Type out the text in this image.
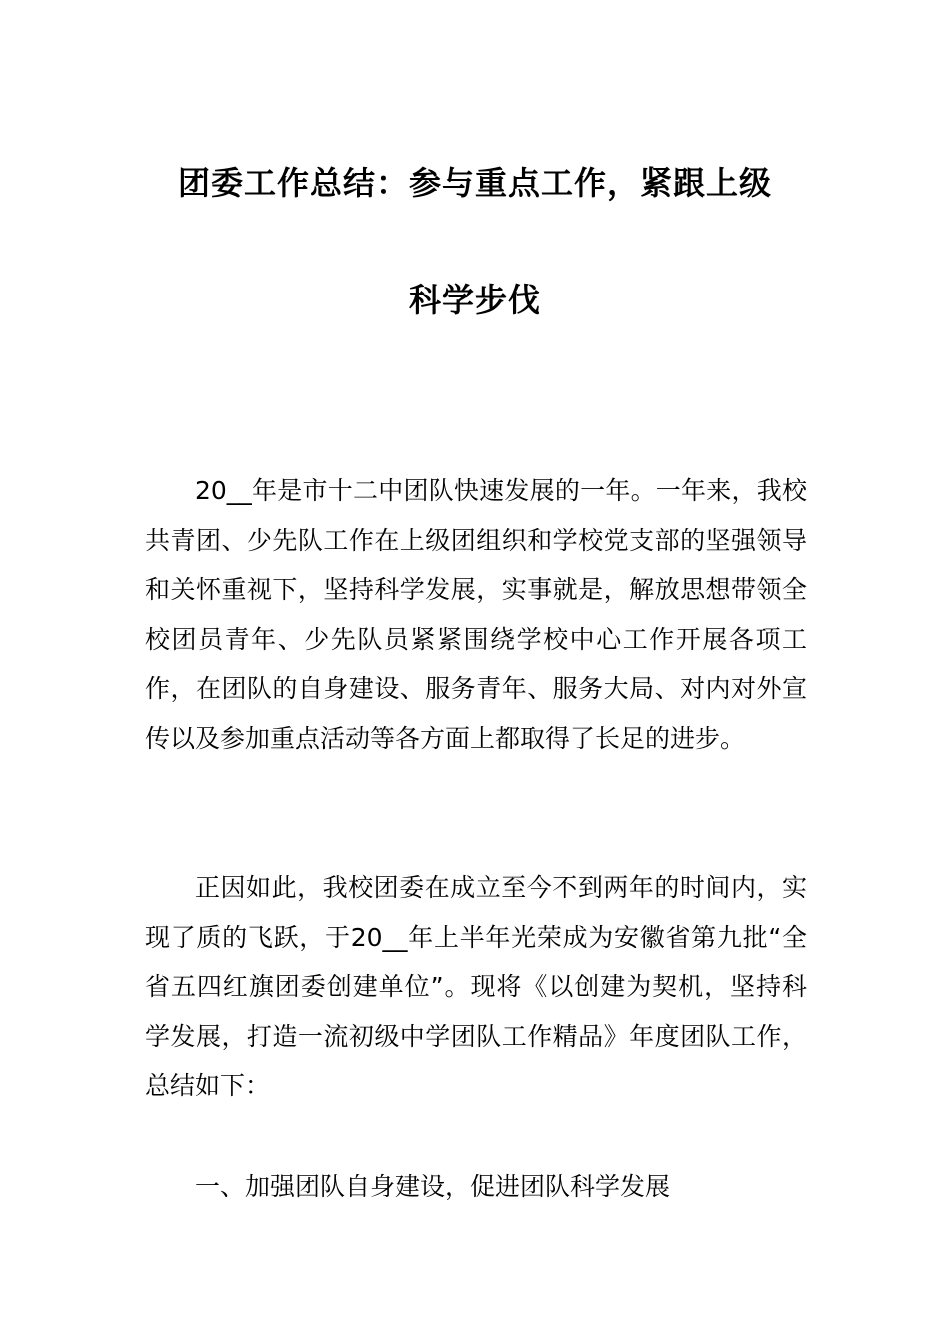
团委工作总结：参与重点工作，紧跟上级
科学步伐

20__年是市十二中团队快速发展的一年。一年来，我校共青团、少先队工作在上级团组织和学校党支部的坚强领导和关怀重视下，坚持科学发展，实事就是，解放思想带领全校团员青年、少先队员紧紧围绕学校中心工作开展各项工作，在团队的自身建设、服务青年、服务大局、对内对外宣传以及参加重点活动等各方面上都取得了长足的进步。

正因如此，我校团委在成立至今不到两年的时间内，实现了质的飞跃，于20__年上半年光荣成为安徽省第九批“全省五四红旗团委创建单位”。现将《以创建为契机，坚持科学发展，打造一流初级中学团队工作精品》年度团队工作，总结如下：

一、加强团队自身建设，促进团队科学发展
